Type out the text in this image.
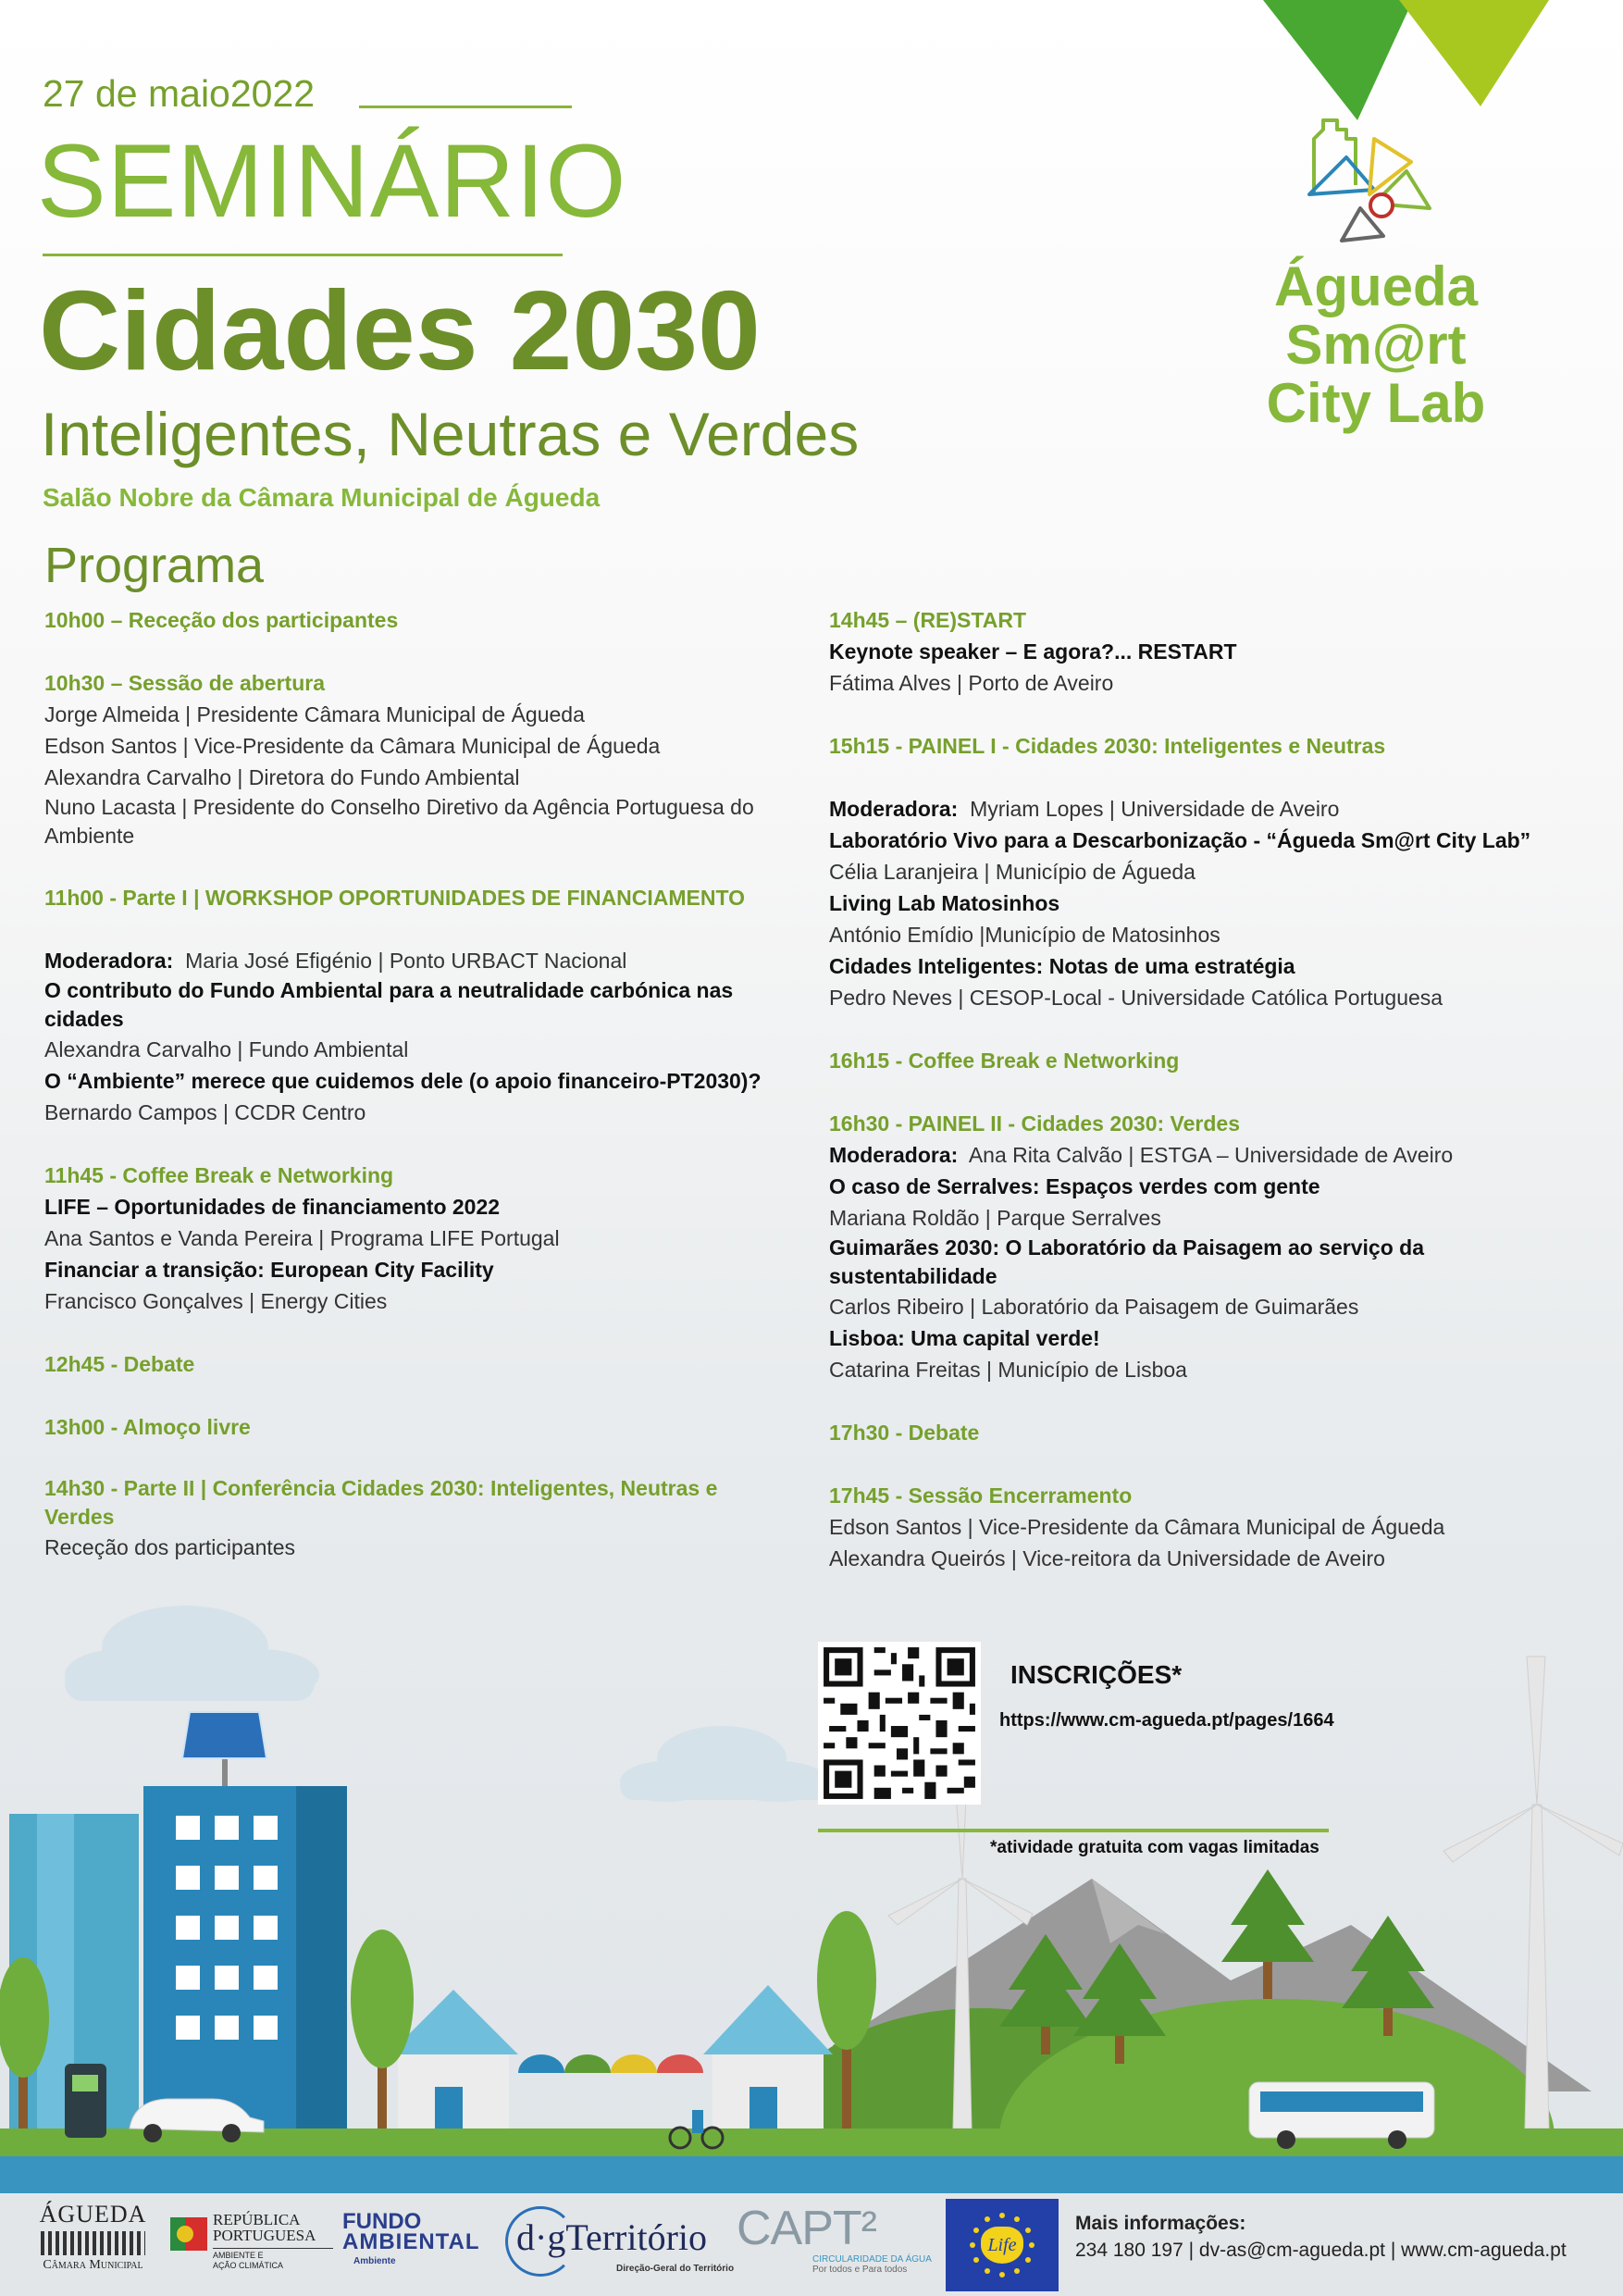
27 de maio2022
SEMINÁRIO
Cidades 2030
Inteligentes, Neutras e Verdes
Salão Nobre da Câmara Municipal de Águeda
Águeda Sm@rt
City Lab
Programa
10h00 – Receção dos participantes
10h30 – Sessão de abertura
Jorge Almeida | Presidente Câmara Municipal de Águeda
Edson Santos | Vice-Presidente da Câmara Municipal de Águeda
Alexandra Carvalho | Diretora do Fundo Ambiental
Nuno Lacasta | Presidente do Conselho Diretivo da Agência Portuguesa do Ambiente
11h00 - Parte I | WORKSHOP OPORTUNIDADES DE FINANCIAMENTO
Moderadora: Maria José Efigénio | Ponto URBACT Nacional
O contributo do Fundo Ambiental para a neutralidade carbónica nas cidades
Alexandra Carvalho | Fundo Ambiental
O “Ambiente” merece que cuidemos dele (o apoio financeiro-PT2030)?
Bernardo Campos | CCDR Centro
11h45 - Coffee Break e Networking
LIFE – Oportunidades de financiamento 2022
Ana Santos e Vanda Pereira | Programa LIFE Portugal
Financiar a transição: European City Facility
Francisco Gonçalves | Energy Cities
12h45 - Debate
13h00 - Almoço livre
14h30 - Parte II | Conferência Cidades 2030: Inteligentes, Neutras e Verdes
Receção dos participantes
14h45 – (RE)START
Keynote speaker – E agora?... RESTART
Fátima Alves | Porto de Aveiro
15h15 - PAINEL I - Cidades 2030: Inteligentes e Neutras
Moderadora: Myriam Lopes | Universidade de Aveiro
Laboratório Vivo para a Descarbonização - “Águeda Sm@rt City Lab”
Célia Laranjeira | Município de Águeda
Living Lab Matosinhos
António Emídio |Município de Matosinhos
Cidades Inteligentes: Notas de uma estratégia
Pedro Neves | CESOP-Local - Universidade Católica Portuguesa
16h15 - Coffee Break e Networking
16h30 - PAINEL II - Cidades 2030: Verdes
Moderadora: Ana Rita Calvão | ESTGA – Universidade de Aveiro
O caso de Serralves: Espaços verdes com gente
Mariana Roldão | Parque Serralves
Guimarães 2030: O Laboratório da Paisagem ao serviço da sustentabilidade
Carlos Ribeiro | Laboratório da Paisagem de Guimarães
Lisboa: Uma capital verde!
Catarina Freitas | Município de Lisboa
17h30 - Debate
17h45 - Sessão Encerramento
Edson Santos | Vice-Presidente da Câmara Municipal de Águeda
Alexandra Queirós | Vice-reitora da Universidade de Aveiro
INSCRIÇÕES*
https://www.cm-agueda.pt/pages/1664
*atividade gratuita com vagas limitadas
ÁGUEDA
Câmara Municipal
REPÚBLICA
PORTUGUESA
AMBIENTE E
AÇÃO CLIMÁTICA
FUNDO
AMBIENTAL
Ambiente
d·gTerritório
Direção-Geral do Território
CAPT²
CIRCULARIDADE DA ÁGUA
Por todos e Para todos
Life
Mais informações:
234 180 197 | dv-as@cm-agueda.pt | www.cm-agueda.pt
